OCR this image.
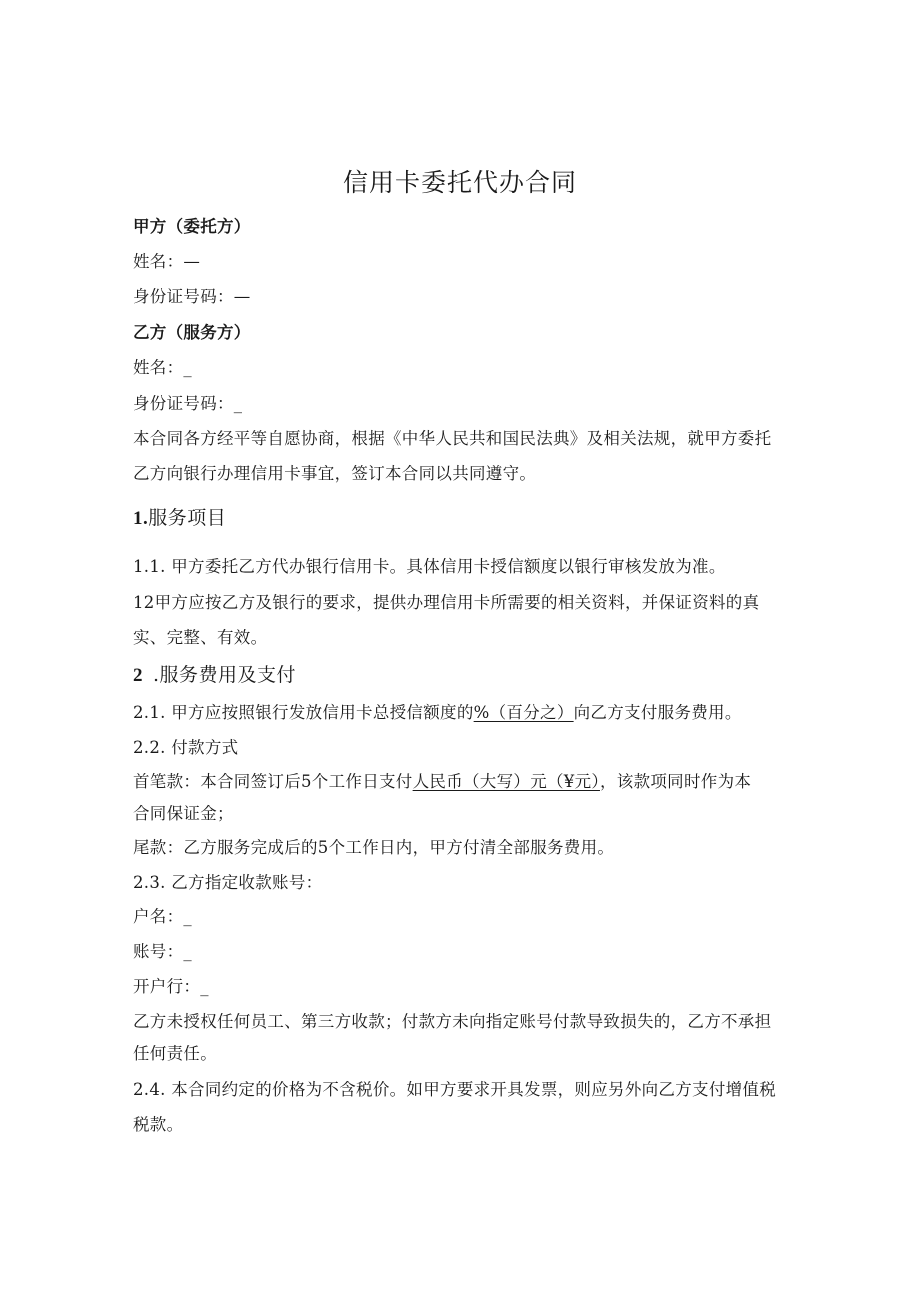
信用卡委托代办合同
甲方（委托方）
姓名：—
身份证号码：—
乙方（服务方）
姓名：_
身份证号码：_
本合同各方经平等自愿协商，根据《中华人民共和国民法典》及相关法规，就甲方委托
乙方向银行办理信用卡事宜，签订本合同以共同遵守。
1.服务项目
1.1. 甲方委托乙方代办银行信用卡。具体信用卡授信额度以银行审核发放为准。
12甲方应按乙方及银行的要求，提供办理信用卡所需要的相关资料，并保证资料的真
实、完整、有效。
2 .服务费用及支付
2.1. 甲方应按照银行发放信用卡总授信额度的%（百分之）向乙方支付服务费用。
2.2. 付款方式
首笔款：本合同签订后5个工作日支付人民币（大写）元（¥元），该款项同时作为本
合同保证金；
尾款：乙方服务完成后的5个工作日内，甲方付清全部服务费用。
2.3. 乙方指定收款账号：
户名：_
账号：_
开户行：_
乙方未授权任何员工、第三方收款；付款方未向指定账号付款导致损失的，乙方不承担
任何责任。
2.4. 本合同约定的价格为不含税价。如甲方要求开具发票，则应另外向乙方支付增值税
税款。
